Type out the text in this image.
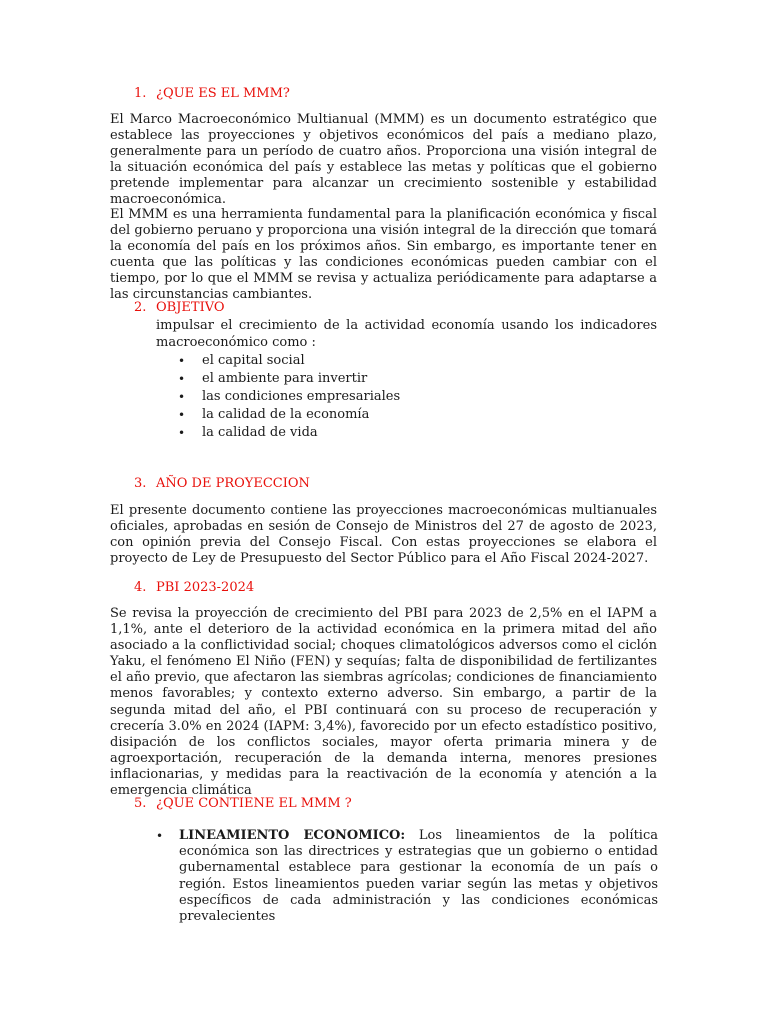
1. ¿QUE ES EL MMM?

El Marco Macroeconómico Multianual (MMM) es un documento estratégico que establece las proyecciones y objetivos económicos del país a mediano plazo, generalmente para un período de cuatro años. Proporciona una visión integral de la situación económica del país y establece las metas y políticas que el gobierno pretende implementar para alcanzar un crecimiento sostenible y estabilidad macroeconómica.

El MMM es una herramienta fundamental para la planificación económica y fiscal del gobierno peruano y proporciona una visión integral de la dirección que tomará la economía del país en los próximos años. Sin embargo, es importante tener en cuenta que las políticas y las condiciones económicas pueden cambiar con el tiempo, por lo que el MMM se revisa y actualiza periódicamente para adaptarse a las circunstancias cambiantes.

2. OBJETIVO

impulsar el crecimiento de la actividad economía usando los indicadores macroeconómico como :

• el capital social
• el ambiente para invertir
• las condiciones empresariales
• la calidad de la economía
• la calidad de vida
3. AÑO DE PROYECCION

El presente documento contiene las proyecciones macroeconómicas multianuales oficiales, aprobadas en sesión de Consejo de Ministros del 27 de agosto de 2023, con opinión previa del Consejo Fiscal. Con estas proyecciones se elabora el proyecto de Ley de Presupuesto del Sector Público para el Año Fiscal 2024-2027.

4. PBI 2023-2024

Se revisa la proyección de crecimiento del PBI para 2023 de 2,5% en el IAPM a 1,1%, ante el deterioro de la actividad económica en la primera mitad del año asociado a la conflictividad social; choques climatológicos adversos como el ciclón Yaku, el fenómeno El Niño (FEN) y sequías; falta de disponibilidad de fertilizantes el año previo, que afectaron las siembras agrícolas; condiciones de financiamiento menos favorables; y contexto externo adverso. Sin embargo, a partir de la segunda mitad del año, el PBI continuará con su proceso de recuperación y crecería 3.0% en 2024 (IAPM: 3,4%), favorecido por un efecto estadístico positivo, disipación de los conflictos sociales, mayor oferta primaria minera y de agroexportación, recuperación de la demanda interna, menores presiones inflacionarias, y medidas para la reactivación de la economía y atención a la emergencia climática

5. ¿QUE CONTIENE EL MMM ?
• LINEAMIENTO ECONOMICO: Los lineamientos de la política económica son las directrices y estrategias que un gobierno o entidad gubernamental establece para gestionar la economía de un país o región. Estos lineamientos pueden variar según las metas y objetivos específicos de cada administración y las condiciones económicas prevalecientes
